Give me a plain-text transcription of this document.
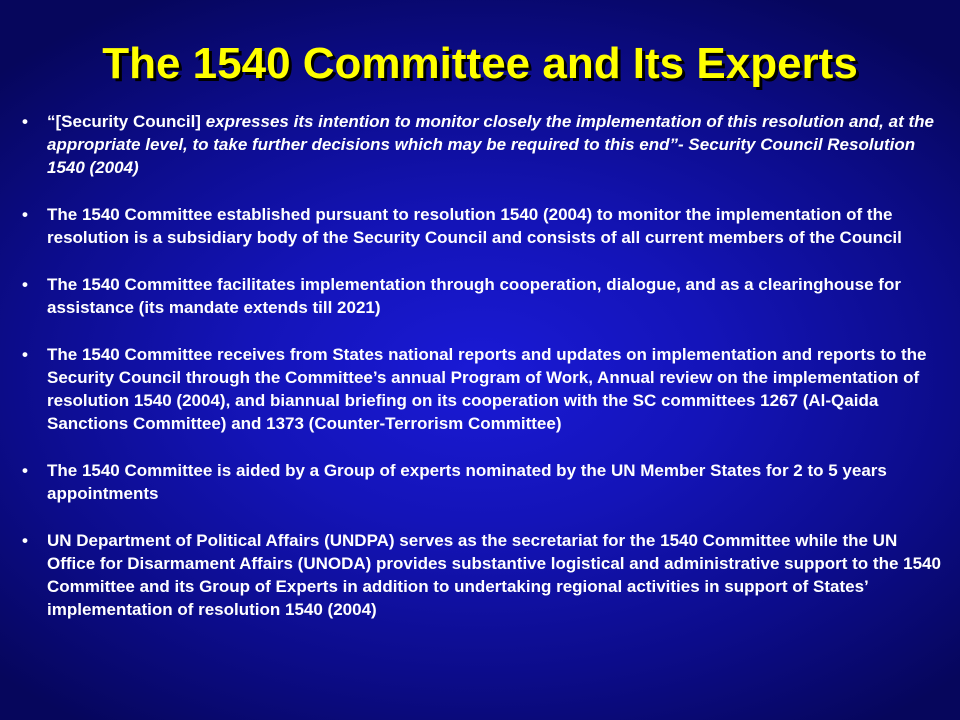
The 1540 Committee and Its Experts
•	“[Security Council] expresses its intention to monitor closely the implementation of this resolution and, at the appropriate level, to take further decisions which may be required to this end”- Security Council Resolution 1540 (2004)
•	The 1540 Committee established pursuant to resolution 1540 (2004) to monitor the implementation of the resolution is a subsidiary body of the Security Council and consists of all current members of the Council
•	The 1540 Committee facilitates implementation through cooperation, dialogue, and as a clearinghouse for assistance (its mandate extends till 2021)
•	The 1540 Committee receives from States national reports and updates on implementation and reports to the Security Council through the Committee’s annual Program of Work, Annual review on the implementation of resolution 1540 (2004), and biannual briefing on its cooperation with the SC committees 1267 (Al-Qaida Sanctions Committee) and 1373 (Counter-Terrorism Committee)
•	The 1540 Committee is aided by a Group of experts nominated by the UN Member States for 2 to 5 years appointments
•	UN Department of Political Affairs (UNDPA) serves as the secretariat for the 1540 Committee while the UN Office for Disarmament Affairs (UNODA) provides substantive logistical and administrative support to the 1540 Committee and its Group of Experts in addition to undertaking regional activities in support of States’ implementation of resolution 1540 (2004)
